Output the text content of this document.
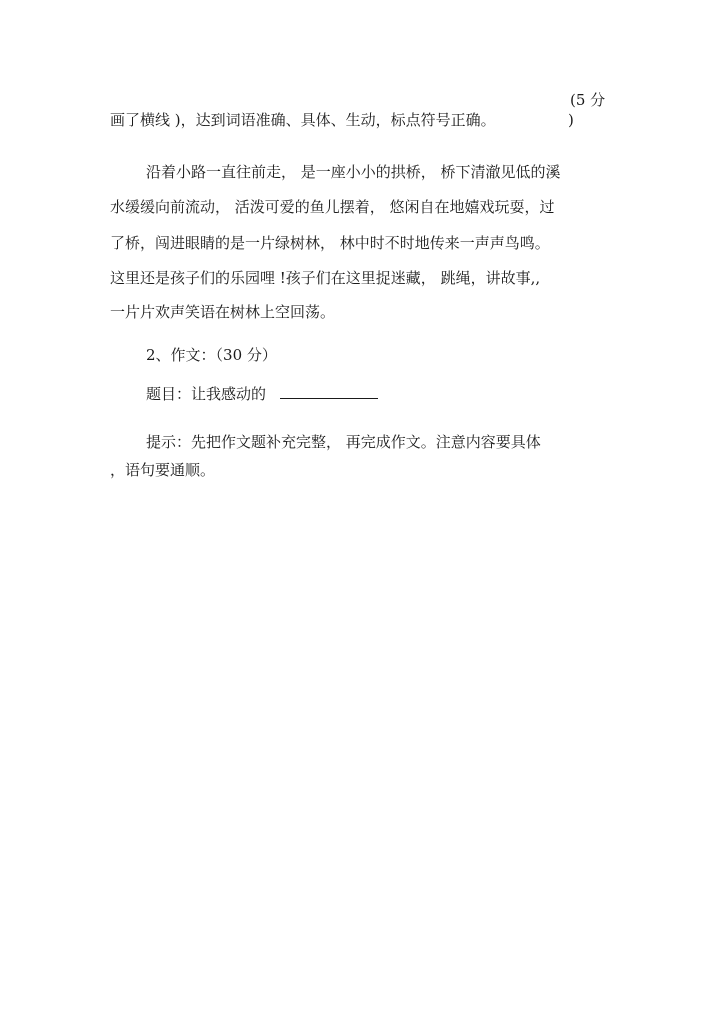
(5 分
画了横线 )，达到词语准确、具体、生动，标点符号正确。	)
沿着小路一直往前走， 是一座小小的拱桥， 桥下清澈见低的溪
水缓缓向前流动， 活泼可爱的鱼儿摆着， 悠闲自在地嬉戏玩耍，过
了桥，闯进眼睛的是一片绿树林， 林中时不时地传来一声声鸟鸣。
这里还是孩子们的乐园哩 !孩子们在这里捉迷藏， 跳绳，讲故事,,
一片片欢声笑语在树林上空回荡。
2、作文：（30 分）
题目：让我感动的
提示：先把作文题补充完整， 再完成作文。注意内容要具体
，语句要通顺。
